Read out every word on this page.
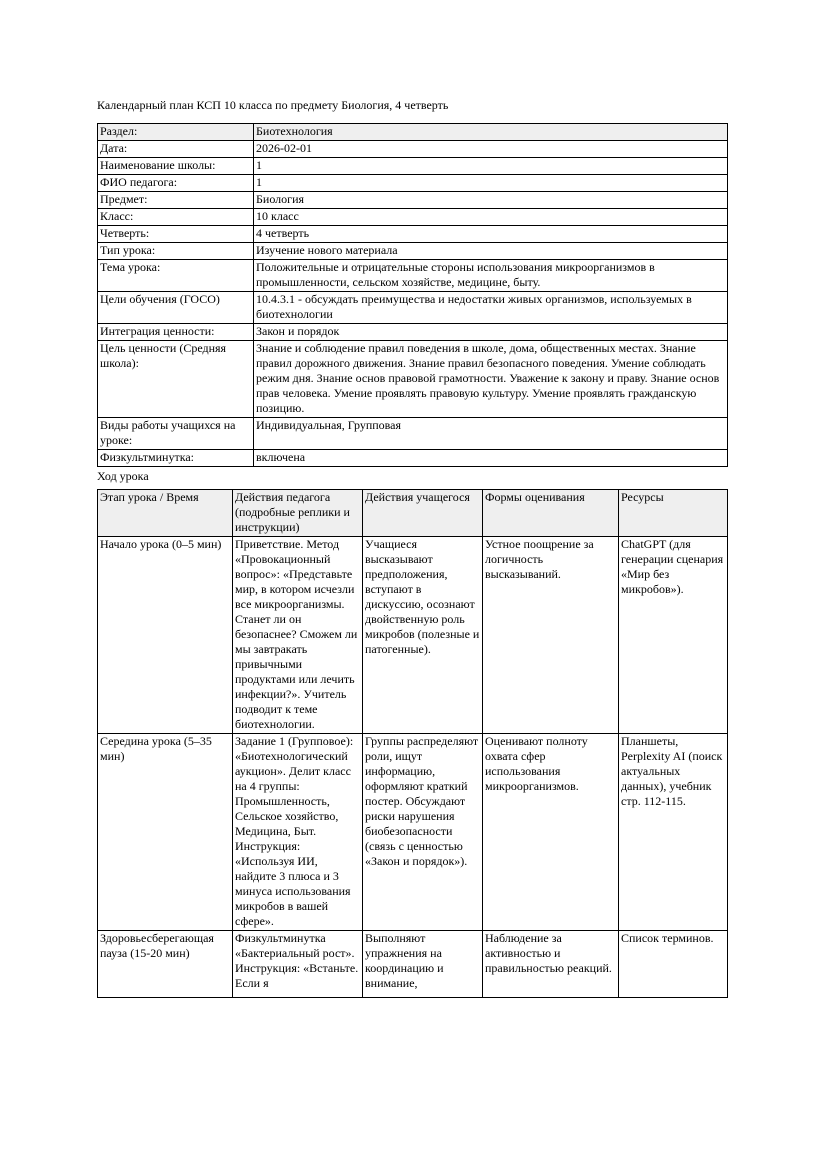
Календарный план КСП 10 класса по предмету Биология, 4 четверть
Раздел:	Биотехнология
Дата:	2026-02-01
Наименование школы:	1
ФИО педагога:	1
Предмет:	Биология
Класс:	10 класс
Четверть:	4 четверть
Тип урока:	Изучение нового материала
Тема урока:	Положительные и отрицательные стороны использования микроорганизмов в промышленности, сельском хозяйстве, медицине, быту.
Цели обучения (ГОСО)	10.4.3.1 - обсуждать преимущества и недостатки живых организмов, используемых в биотехнологии
Интеграция ценности:	Закон и порядок
Цель ценности (Средняя школа):	Знание и соблюдение правил поведения в школе, дома, общественных местах. Знание правил дорожного движения. Знание правил безопасного поведения. Умение соблюдать режим дня. Знание основ правовой грамотности. Уважение к закону и праву. Знание основ прав человека. Умение проявлять правовую культуру. Умение проявлять гражданскую позицию.
Виды работы учащихся на уроке:	Индивидуальная, Групповая
Физкультминутка:	включена
Ход урока
Этап урока / Время	Действия педагога (подробные реплики и инструкции)	Действия учащегося	Формы оценивания	Ресурсы
Начало урока (0–5 мин)	Приветствие. Метод «Провокационный вопрос»: «Представьте мир, в котором исчезли все микроорганизмы. Станет ли он безопаснее? Сможем ли мы завтракать привычными продуктами или лечить инфекции?». Учитель подводит к теме биотехнологии.	Учащиеся высказывают предположения, вступают в дискуссию, осознают двойственную роль микробов (полезные и патогенные).	Устное поощрение за логичность высказываний.	ChatGPT (для генерации сценария «Мир без микробов»).
Середина урока (5–35 мин)	Задание 1 (Групповое): «Биотехнологический аукцион». Делит класс на 4 группы: Промышленность, Сельское хозяйство, Медицина, Быт. Инструкция: «Используя ИИ, найдите 3 плюса и 3 минуса использования микробов в вашей сфере».	Группы распределяют роли, ищут информацию, оформляют краткий постер. Обсуждают риски нарушения биобезопасности (связь с ценностью «Закон и порядок»).	Оценивают полноту охвата сфер использования микроорганизмов.	Планшеты, Perplexity AI (поиск актуальных данных), учебник стр. 112-115.

Здоровьесберегающая пауза (15-20 мин)	Физкультминутка «Бактериальный рост». Инструкция: «Встаньте. Если я	Выполняют упражнения на координацию и внимание,	Наблюдение за активностью и правильностью реакций.	Список терминов.
